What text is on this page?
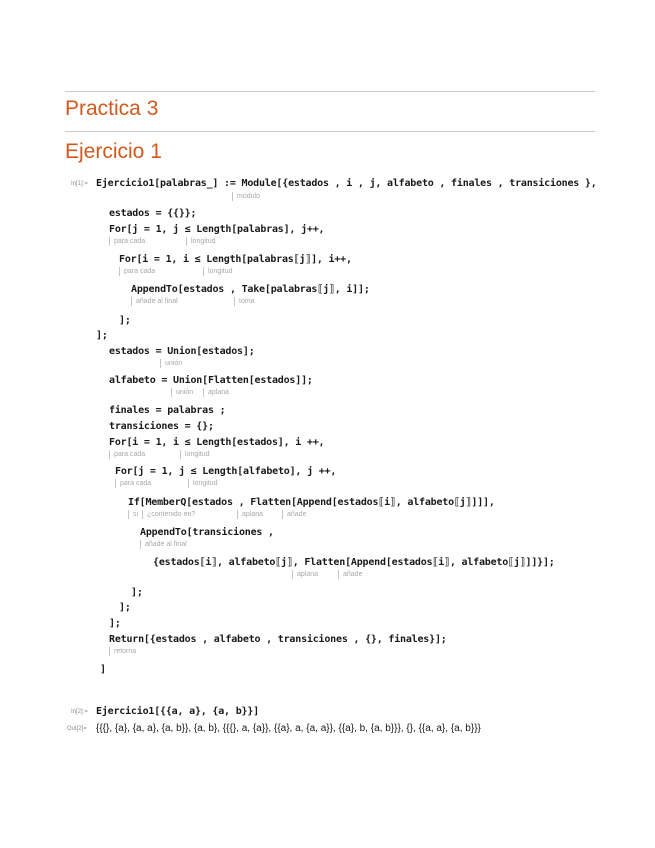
Practica 3
Ejercicio 1
In[1]:= Ejercicio1[palabras_] := Module[{estados , i , j, alfabeto , finales , transiciones },
módulo
estados = {{}};
For[j = 1, j ≤ Length[palabras], j++,
para cada	longitud
For[i = 1, i ≤ Length[palabras⟦j⟧], i++,
para cada	longitud
AppendTo[estados , Take[palabras⟦j⟧, i]];
añade al final	toma
];
];
estados = Union[estados];
unión
alfabeto = Union[Flatten[estados]];
unión	aplana
finales = palabras ;
transiciones = {};
For[i = 1, i ≤ Length[estados], i ++,
para cada	longitud
For[j = 1, j ≤ Length[alfabeto], j ++,
para cada	longitud
If[MemberQ[estados , Flatten[Append[estados⟦i⟧, alfabeto⟦j⟧]]],
si	¿contenido en?	aplana	añade
AppendTo[transiciones ,
añade al final
{estados⟦i⟧, alfabeto⟦j⟧, Flatten[Append[estados⟦i⟧, alfabeto⟦j⟧]]}];
aplana	añade
];
];
];
Return[{estados , alfabeto , transiciones , {}, finales}];
retorna
]
In[2]:= Ejercicio1[{{a, a}, {a, b}}]
Out[2]= {{{}, {a}, {a, a}, {a, b}}, {a, b}, {{{}, a, {a}}, {{a}, a, {a, a}}, {{a}, b, {a, b}}}, {}, {{a, a}, {a, b}}}
